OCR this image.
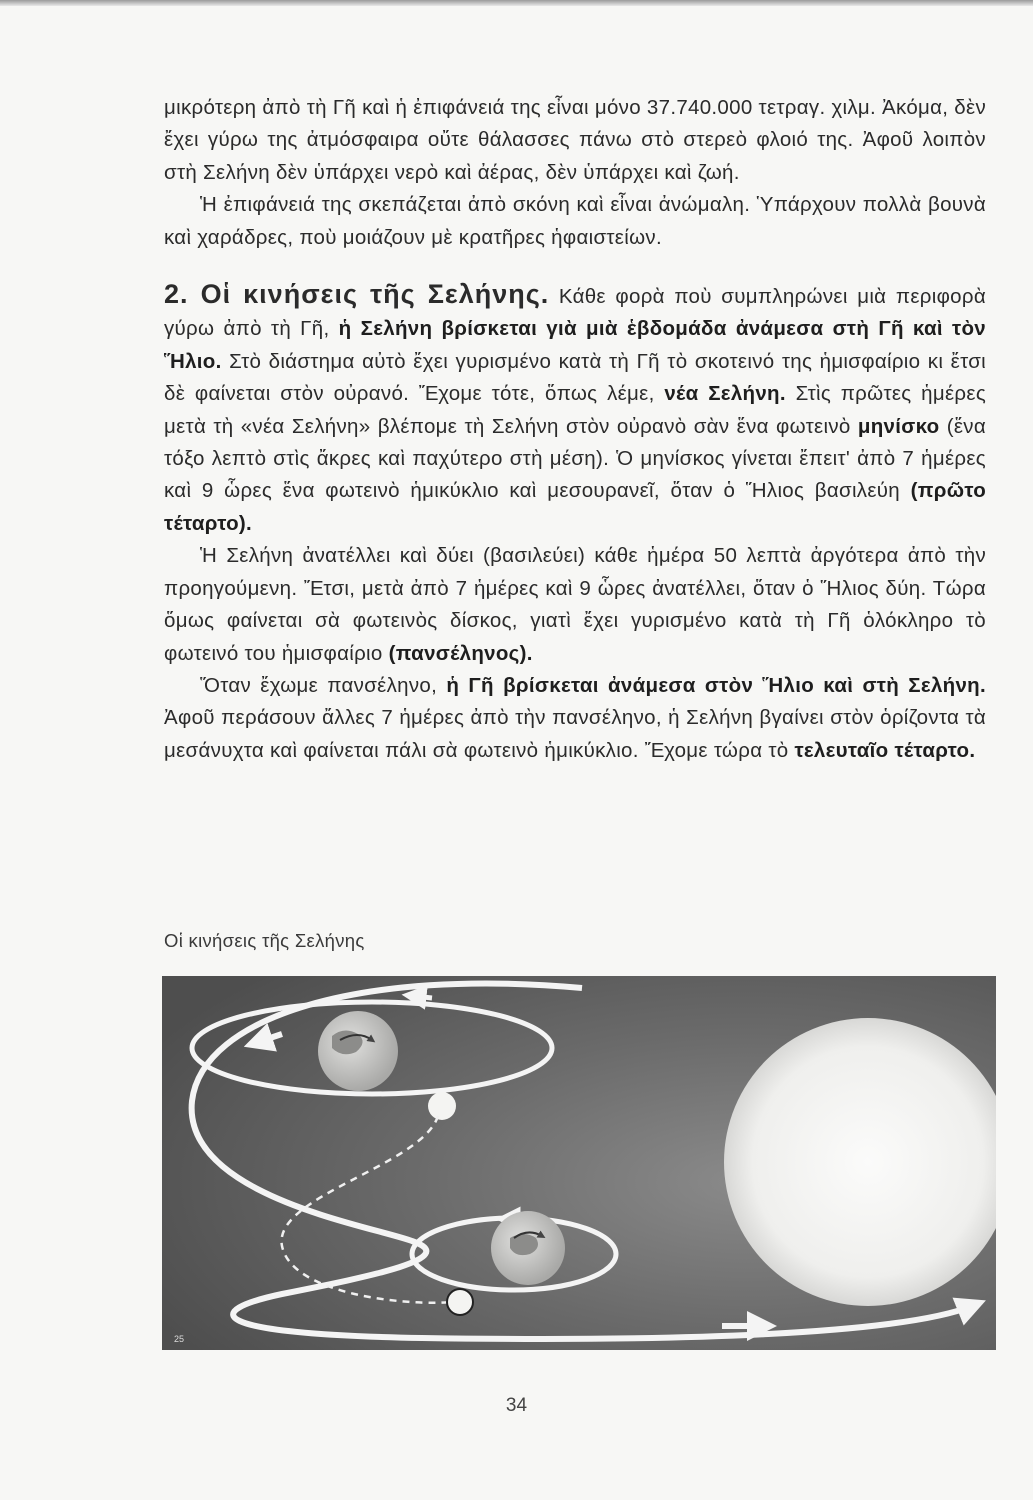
μικρότερη ἀπὸ τὴ Γῆ καὶ ἡ ἐπιφάνειά της εἶναι μόνο 37.740.000 τετραγ. χιλμ. Ἀκόμα, δὲν ἔχει γύρω της ἀτμόσφαιρα οὔτε θάλασσες πάνω στὸ στερεὸ φλοιό της. Ἀφοῦ λοιπὸν στὴ Σελήνη δὲν ὑπάρχει νερὸ καὶ ἀέρας, δὲν ὑπάρχει καὶ ζωή.

Ἡ ἐπιφάνειά της σκεπάζεται ἀπὸ σκόνη καὶ εἶναι ἀνώμαλη. Ὑπάρχουν πολλὰ βουνὰ καὶ χαράδρες, ποὺ μοιάζουν μὲ κρατῆρες ἡφαιστείων.

2. Οἱ κινήσεις τῆς Σελήνης. Κάθε φορὰ ποὺ συμπληρώνει μιὰ περιφορὰ γύρω ἀπὸ τὴ Γῆ, ἡ Σελήνη βρίσκεται γιὰ μιὰ ἑβδομάδα ἀνάμεσα στὴ Γῆ καὶ τὸν Ἥλιο. Στὸ διάστημα αὐτὸ ἔχει γυρισμένο κατὰ τὴ Γῆ τὸ σκοτεινό της ἡμισφαίριο κι ἔτσι δὲ φαίνεται στὸν οὐρανό. Ἔχομε τότε, ὅπως λέμε, νέα Σελήνη. Στὶς πρῶτες ἡμέρες μετὰ τὴ «νέα Σελήνη» βλέπομε τὴ Σελήνη στὸν οὐρανὸ σὰν ἕνα φωτεινὸ μηνίσκο (ἕνα τόξο λεπτὸ στὶς ἄκρες καὶ παχύτερο στὴ μέση). Ὁ μηνίσκος γίνεται ἔπειτ' ἀπὸ 7 ἡμέρες καὶ 9 ὧρες ἕνα φωτεινὸ ἡμικύκλιο καὶ μεσουρανεῖ, ὅταν ὁ Ἥλιος βασιλεύη (πρῶτο τέταρτο).

Ἡ Σελήνη ἀνατέλλει καὶ δύει (βασιλεύει) κάθε ἡμέρα 50 λεπτὰ ἀργότερα ἀπὸ τὴν προηγούμενη. Ἔτσι, μετὰ ἀπὸ 7 ἡμέρες καὶ 9 ὧρες ἀνατέλλει, ὅταν ὁ Ἥλιος δύη. Τώρα ὅμως φαίνεται σὰ φωτεινὸς δίσκος, γιατὶ ἔχει γυρισμένο κατὰ τὴ Γῆ ὁλόκληρο τὸ φωτεινό του ἡμισφαίριο (πανσέληνος).

Ὅταν ἔχωμε πανσέληνο, ἡ Γῆ βρίσκεται ἀνάμεσα στὸν Ἥλιο καὶ στὴ Σελήνη. Ἀφοῦ περάσουν ἄλλες 7 ἡμέρες ἀπὸ τὴν πανσέληνο, ἡ Σελήνη βγαίνει στὸν ὁρίζοντα τὰ μεσάνυχτα καὶ φαίνεται πάλι σὰ φωτεινὸ ἡμικύκλιο. Ἔχομε τώρα τὸ τελευταῖο τέταρτο.

Οἱ κινήσεις τῆς Σελήνης
25
34
